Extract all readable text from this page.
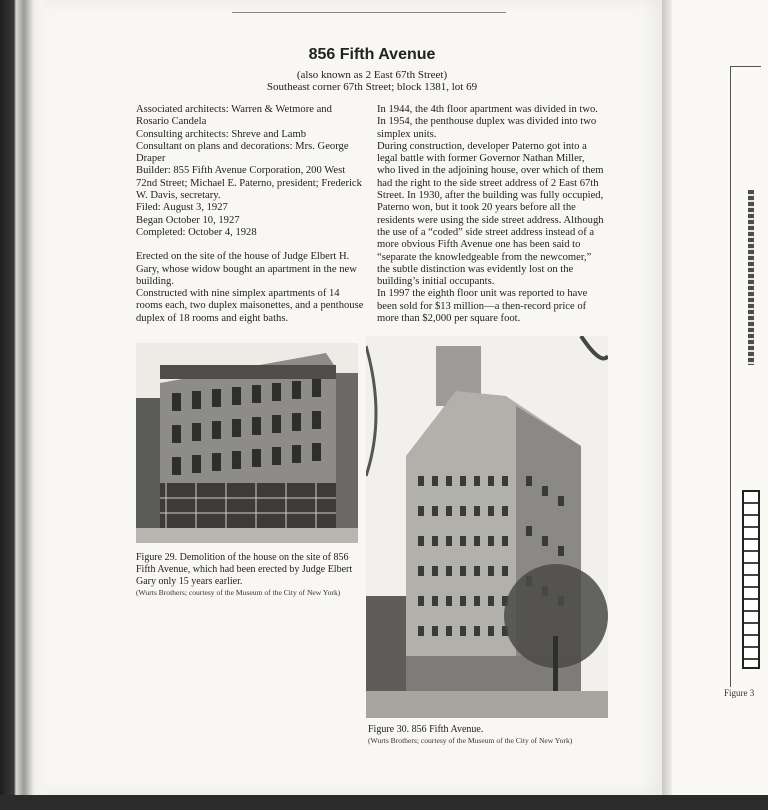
Figure 3
856 Fifth Avenue
(also known as 2 East 67th Street)
Southeast corner 67th Street; block 1381, lot 69

Associated architects: Warren & Wetmore and Rosario Candela

Consulting architects: Shreve and Lamb

Consultant on plans and decorations: Mrs. George Draper

Builder: 855 Fifth Avenue Corporation, 200 West 72nd Street; Michael E. Paterno, president; Frederick W. Davis, secretary.

Filed: August 3, 1927

Began October 10, 1927

Completed: October 4, 1928

Erected on the site of the house of Judge Elbert H. Gary, whose widow bought an apartment in the new building.

Constructed with nine simplex apartments of 14 rooms each, two duplex maisonettes, and a penthouse duplex of 18 rooms and eight baths.

In 1944, the 4th floor apartment was divided in two. In 1954, the penthouse duplex was divided into two simplex units.

During construction, developer Paterno got into a legal battle with former Governor Nathan Miller, who lived in the adjoining house, over which of them had the right to the side street address of 2 East 67th Street. In 1930, after the building was fully occupied, Paterno won, but it took 20 years before all the residents were using the side street address. Although the use of a “coded” side street address instead of a more obvious Fifth Avenue one has been said to “separate the knowledgeable from the newcomer,” the subtle distinction was evidently lost on the building’s initial occupants.

In 1997 the eighth floor unit was reported to have been sold for $13 million—a then-record price of more than $2,000 per square foot.

Figure 29. Demolition of the house on the site of 856 Fifth Avenue, which had been erected by Judge Elbert Gary only 15 years earlier.
(Wurts Brothers; courtesy of the Museum of the City of New York)
Figure 30. 856 Fifth Avenue.
(Wurts Brothers; courtesy of the Museum of the City of New York)
